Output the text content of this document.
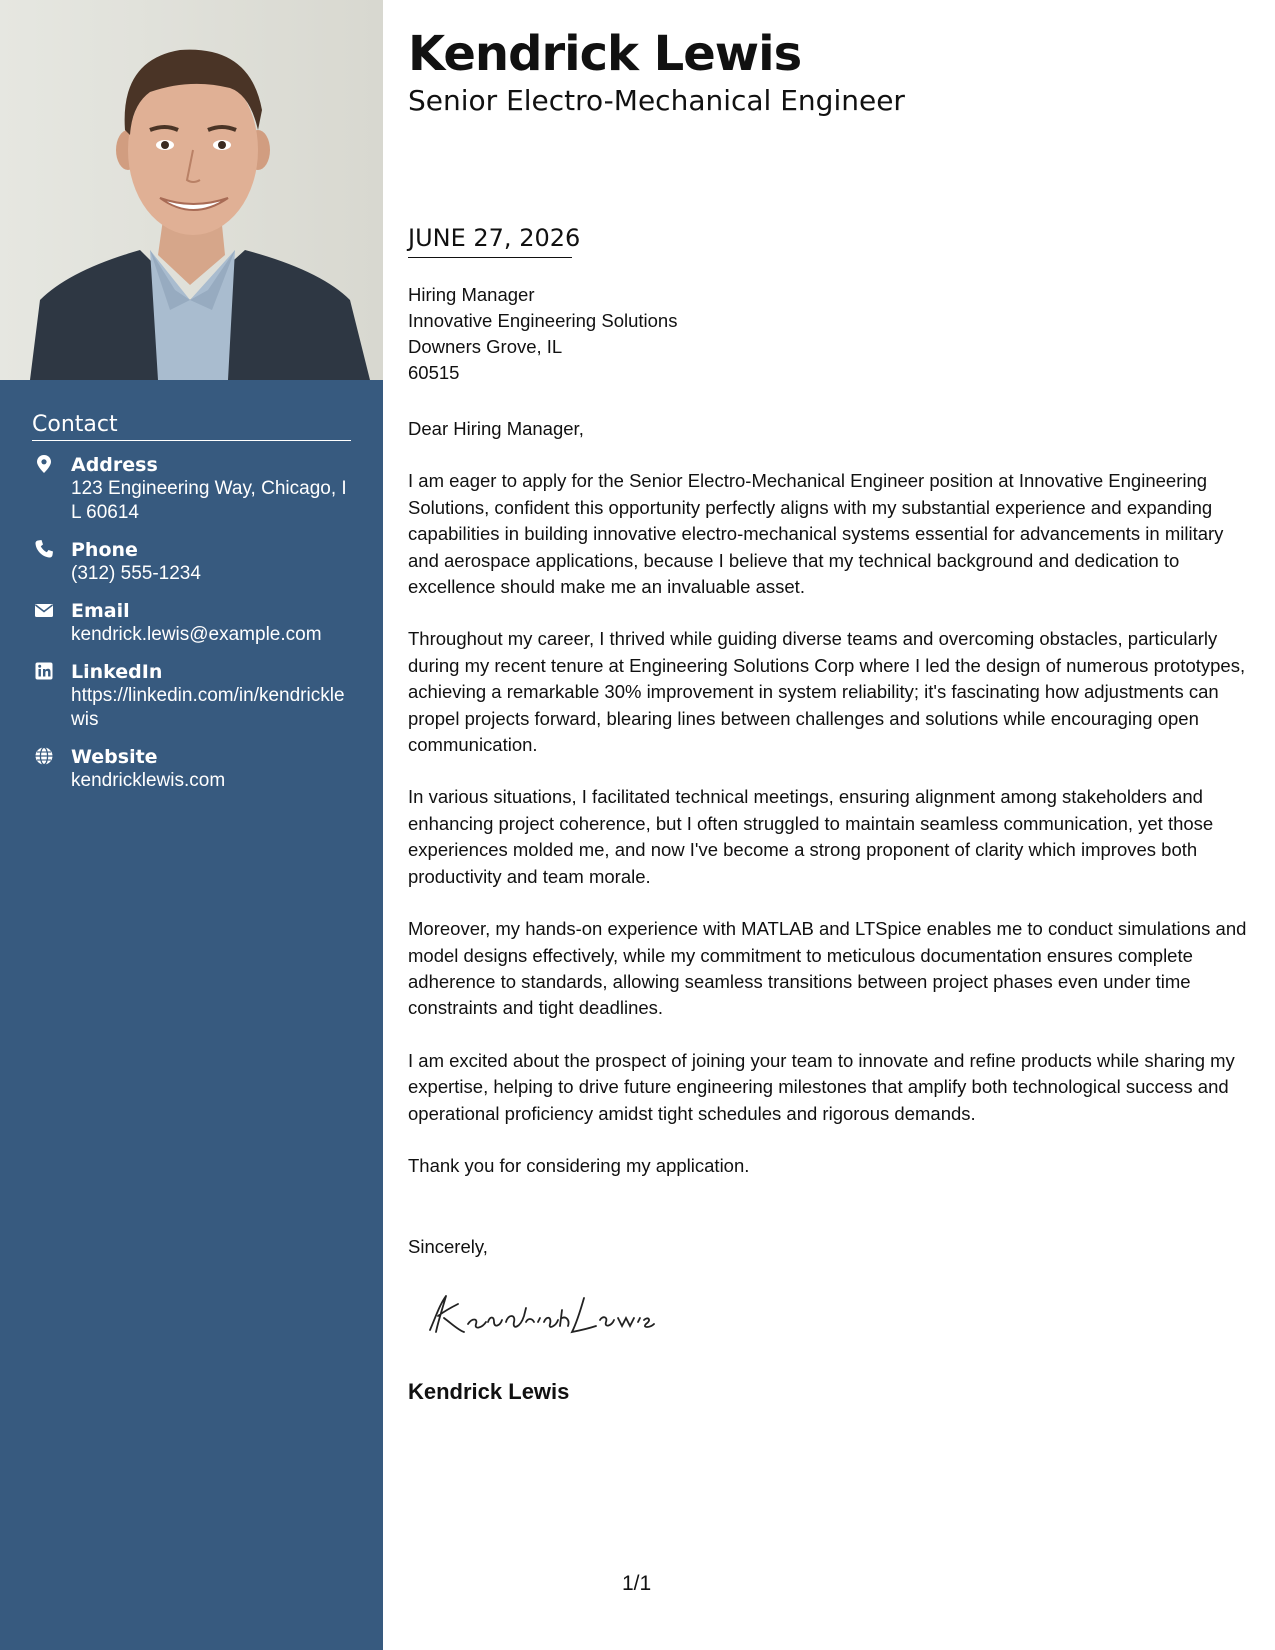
Contact
Address
123 Engineering Way, Chicago, IL 60614
Phone
(312) 555-1234
Email
kendrick.lewis@example.com
LinkedIn
https://linkedin.com/in/kendricklewis
Website
kendricklewis.com
Kendrick Lewis
Senior Electro-Mechanical Engineer
JUNE 27, 2026
Hiring Manager
Innovative Engineering Solutions
Downers Grove, IL
60515

Dear Hiring Manager,

I am eager to apply for the Senior Electro-Mechanical Engineer position at Innovative Engineering Solutions, confident this opportunity perfectly aligns with my substantial experience and expanding capabilities in building innovative electro-mechanical systems essential for advancements in military and aerospace applications, because I believe that my technical background and dedication to excellence should make me an invaluable asset.

Throughout my career, I thrived while guiding diverse teams and overcoming obstacles, particularly during my recent tenure at Engineering Solutions Corp where I led the design of numerous prototypes, achieving a remarkable 30% improvement in system reliability; it's fascinating how adjustments can propel projects forward, blearing lines between challenges and solutions while encouraging open communication.

In various situations, I facilitated technical meetings, ensuring alignment among stakeholders and enhancing project coherence, but I often struggled to maintain seamless communication, yet those experiences molded me, and now I've become a strong proponent of clarity which improves both productivity and team morale.

Moreover, my hands-on experience with MATLAB and LTSpice enables me to conduct simulations and model designs effectively, while my commitment to meticulous documentation ensures complete adherence to standards, allowing seamless transitions between project phases even under time constraints and tight deadlines.

I am excited about the prospect of joining your team to innovate and refine products while sharing my expertise, helping to drive future engineering milestones that amplify both technological success and operational proficiency amidst tight schedules and rigorous demands.

Thank you for considering my application.

Sincerely,
Kendrick Lewis
1/1
